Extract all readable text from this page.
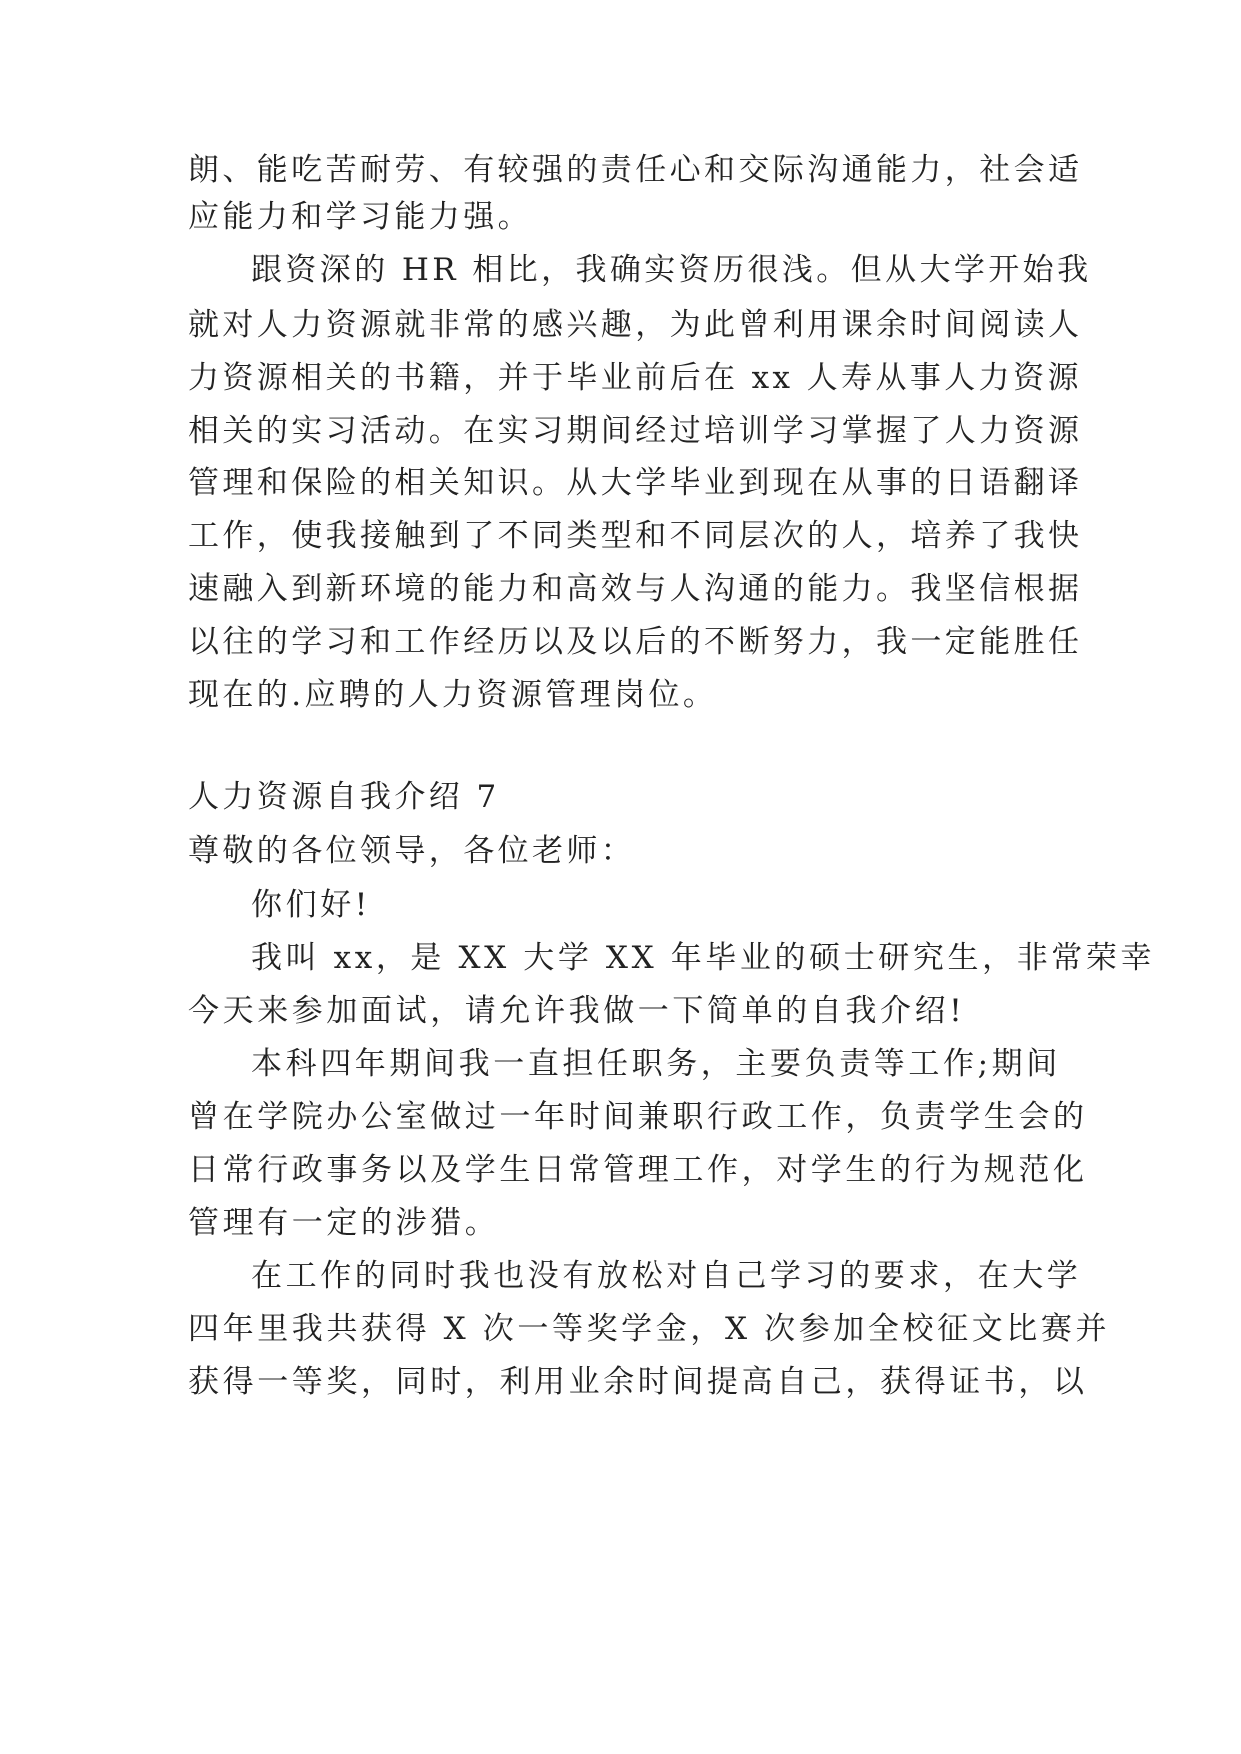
朗、能吃苦耐劳、有较强的责任心和交际沟通能力，社会适
应能力和学习能力强。
跟资深的 HR 相比，我确实资历很浅。但从大学开始我
就对人力资源就非常的感兴趣，为此曾利用课余时间阅读人
力资源相关的书籍，并于毕业前后在 xx 人寿从事人力资源
相关的实习活动。在实习期间经过培训学习掌握了人力资源
管理和保险的相关知识。从大学毕业到现在从事的日语翻译
工作，使我接触到了不同类型和不同层次的人，培养了我快
速融入到新环境的能力和高效与人沟通的能力。我坚信根据
以往的学习和工作经历以及以后的不断努力，我一定能胜任
现在的.应聘的人力资源管理岗位。
人力资源自我介绍 7
尊敬的各位领导，各位老师：
你们好!
我叫 xx，是 XX 大学 XX 年毕业的硕士研究生，非常荣幸
今天来参加面试，请允许我做一下简单的自我介绍!
本科四年期间我一直担任职务，主要负责等工作;期间
曾在学院办公室做过一年时间兼职行政工作，负责学生会的
日常行政事务以及学生日常管理工作，对学生的行为规范化
管理有一定的涉猎。
在工作的同时我也没有放松对自己学习的要求，在大学
四年里我共获得 X 次一等奖学金，X 次参加全校征文比赛并
获得一等奖，同时，利用业余时间提高自己，获得证书，以
